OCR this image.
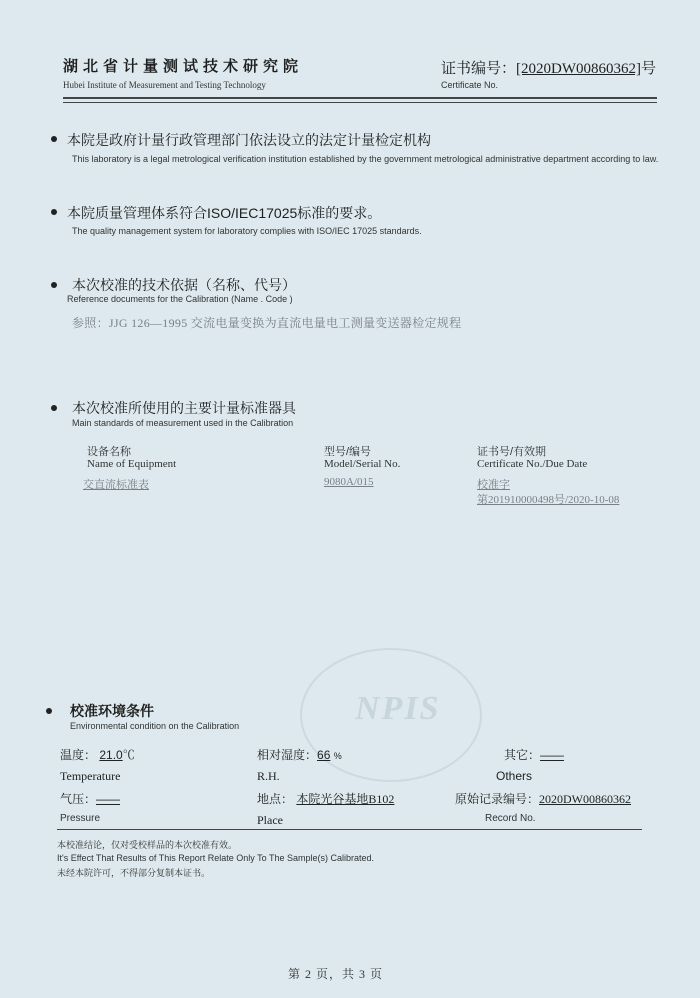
湖北省计量测试技术研究院
Hubei Institute of Measurement and Testing Technology
证书编号：[2020DW00860362]号
Certificate No.
NPIS
本院是政府计量行政管理部门依法设立的法定计量检定机构
This laboratory is a legal metrological verification institution established by the government metrological administrative department according to law.
本院质量管理体系符合ISO/IEC17025标准的要求。
The quality management system for laboratory complies with ISO/IEC 17025 standards.
本次校准的技术依据（名称、代号）
Reference documents for the Calibration (Name . Code )
参照：JJG 126—1995 交流电量变换为直流电量电工测量变送器检定规程
本次校准所使用的主要计量标准器具
Main standards of measurement used in the Calibration
设备名称
Name of Equipment
型号/编号
Model/Serial No.
证书号/有效期
Certificate No./Due Date
交直流标准表	9080A/015	校准字
第201910000498号/2020-10-08
校准环境条件
Environmental condition on the Calibration
温度： 21.0℃
Temperature
相对湿度：66 %
R.H.
其它：——
Others
气压：——
Pressure
地点： 本院光谷基地B102
Place
原始记录编号：2020DW00860362
Record No.
本校准结论，仅对受校样品的本次校准有效。
It's Effect That Results of This Report Relate Only To The Sample(s) Calibrated.
未经本院许可，不得部分复制本证书。
第 2 页，共 3 页
